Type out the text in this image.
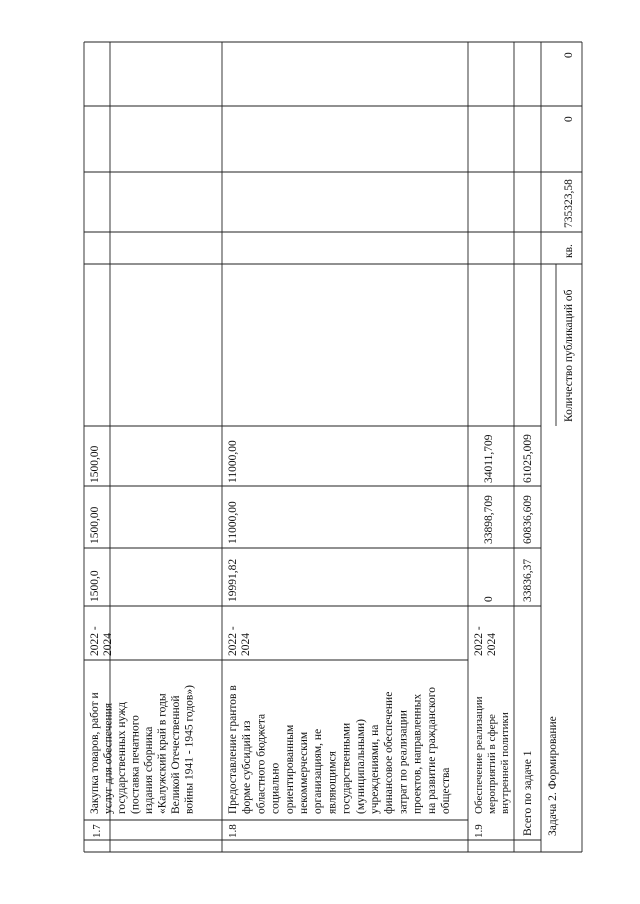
1.7
Закупка товаров, работ и услуг для обеспечения государственных нужд (поставка печатного издания сборника «Калужский край в годы Великой Отечественной войны 1941 - 1945 годов»)
2022 - 2024
1500,0
1500,00
1500,00
1.8
Предоставление грантов в форме субсидий из областного бюджета социально ориентированным некоммерческим организациям, не являющимся государственными (муниципальными) учреждениями, на финансовое обеспечение затрат по реализации проектов, направленных на развитие гражданского общества
2022 - 2024
19991,82
11000,00
11000,00
1.9
Обеспечение реализации мероприятий в сфере внутренней политики
2022 - 2024
0
33898,709
34011,709
Всего по задаче 1
33836,37
60836,609
61025,009
Задача 2. Формирование
Количество публикаций об
кв.
735323,58
0
0
